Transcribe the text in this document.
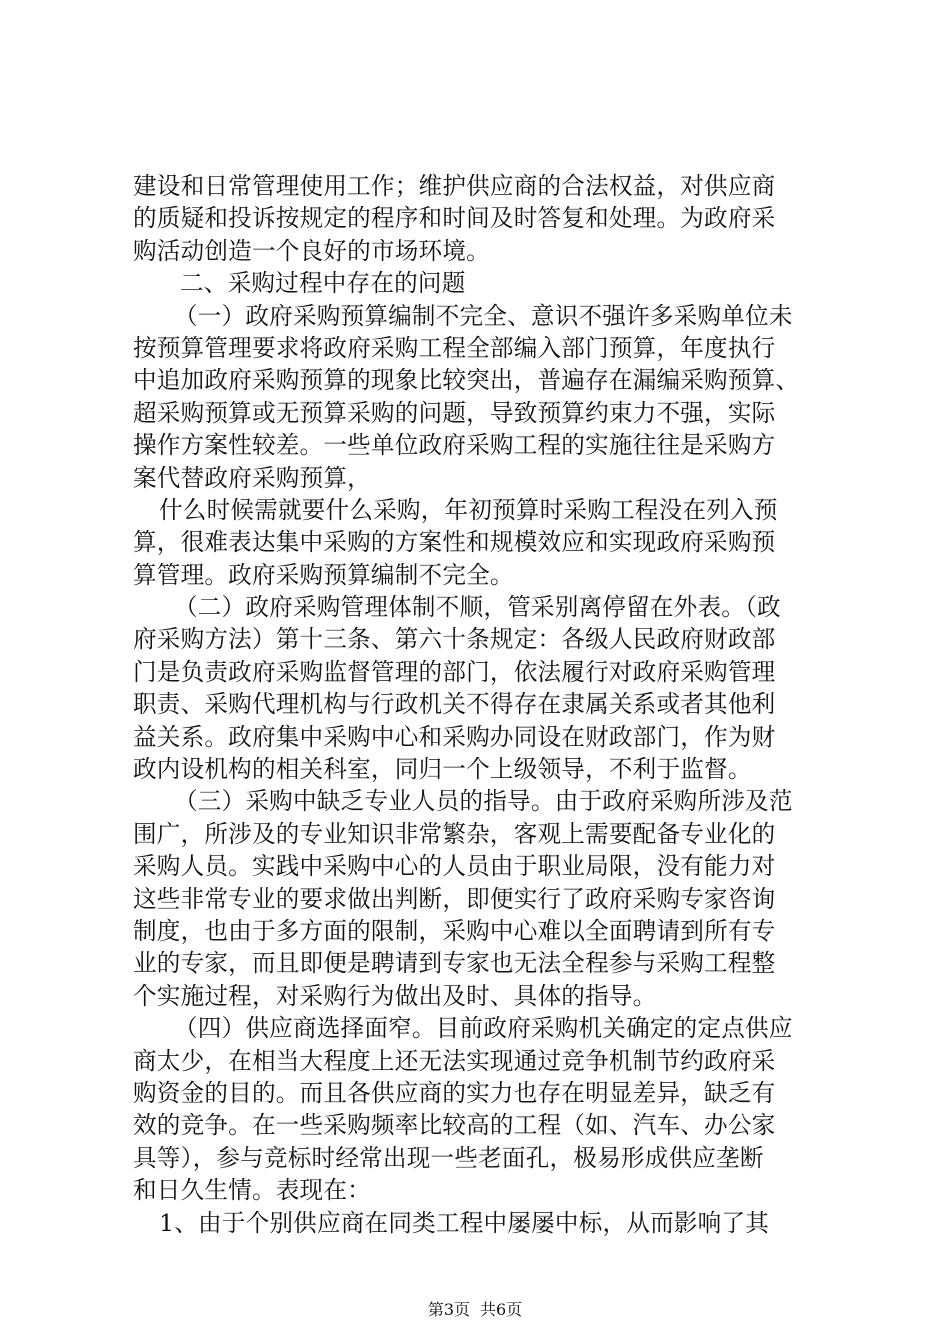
建设和日常管理使用工作；维护供应商的合法权益，对供应商
的质疑和投诉按规定的程序和时间及时答复和处理。为政府采
购活动创造一个良好的市场环境。
二、采购过程中存在的问题
（一）政府采购预算编制不完全、意识不强许多采购单位未
按预算管理要求将政府采购工程全部编入部门预算，年度执行
中追加政府采购预算的现象比较突出，普遍存在漏编采购预算、
超采购预算或无预算采购的问题，导致预算约束力不强，实际
操作方案性较差。一些单位政府采购工程的实施往往是采购方
案代替政府采购预算，
什么时候需就要什么采购，年初预算时采购工程没在列入预
算，很难表达集中采购的方案性和规模效应和实现政府采购预
算管理。政府采购预算编制不完全。
（二）政府采购管理体制不顺，管采别离停留在外表。（政
府采购方法）第十三条、第六十条规定：各级人民政府财政部
门是负责政府采购监督管理的部门，依法履行对政府采购管理
职责、采购代理机构与行政机关不得存在隶属关系或者其他利
益关系。政府集中采购中心和采购办同设在财政部门，作为财
政内设机构的相关科室，同归一个上级领导，不利于监督。
（三）采购中缺乏专业人员的指导。由于政府采购所涉及范
围广，所涉及的专业知识非常繁杂，客观上需要配备专业化的
采购人员。实践中采购中心的人员由于职业局限，没有能力对
这些非常专业的要求做出判断，即便实行了政府采购专家咨询
制度，也由于多方面的限制，采购中心难以全面聘请到所有专
业的专家，而且即便是聘请到专家也无法全程参与采购工程整
个实施过程，对采购行为做出及时、具体的指导。
（四）供应商选择面窄。目前政府采购机关确定的定点供应
商太少，在相当大程度上还无法实现通过竞争机制节约政府采
购资金的目的。而且各供应商的实力也存在明显差异，缺乏有
效的竞争。在一些采购频率比较高的工程（如、汽车、办公家
具等），参与竞标时经常出现一些老面孔，极易形成供应垄断
和日久生情。表现在：
1、由于个别供应商在同类工程中屡屡中标，从而影响了其
第3页 共6页
